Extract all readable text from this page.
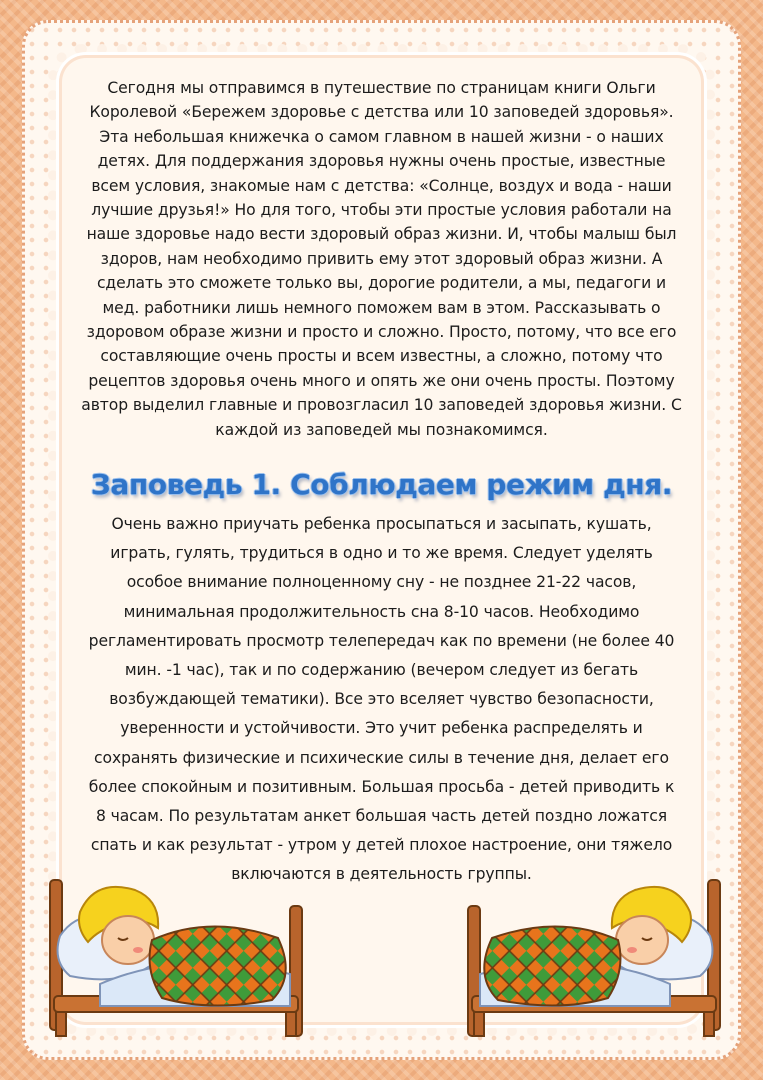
Сегодня мы отправимся в путешествие по страницам книги Ольги Королевой «Бережем здоровье с детства или 10 заповедей здоровья». Эта небольшая книжечка о самом главном в нашей жизни - о наших детях. Для поддержания здоровья нужны очень простые, известные всем условия, знакомые нам с детства: «Солнце, воздух и вода - наши лучшие друзья!» Но для того, чтобы эти простые условия работали на наше здоровье надо вести здоровый образ жизни. И, чтобы малыш был здоров, нам необходимо привить ему этот здоровый образ жизни. А сделать это сможете только вы, дорогие родители, а мы, педагоги и мед. работники лишь немного поможем вам в этом. Рассказывать о здоровом образе жизни и просто и сложно. Просто, потому, что все его составляющие очень просты и всем известны, а сложно, потому что рецептов здоровья очень много и опять же они очень просты. Поэтому автор выделил главные и провозгласил 10 заповедей здоровья жизни. С каждой из заповедей мы познакомимся.

Заповедь 1. Соблюдаем режим дня.

Очень важно приучать ребенка просыпаться и засыпать, кушать, играть, гулять, трудиться в одно и то же время. Следует уделять особое внимание полноценному сну - не позднее 21-22 часов, минимальная продолжительность сна 8-10 часов. Необходимо регламентировать просмотр телепередач как по времени (не более 40 мин. -1 час), так и по содержанию (вечером следует из бегать возбуждающей тематики). Все это вселяет чувство безопасности, уверенности и устойчивости. Это учит ребенка распределять и сохранять физические и психические силы в течение дня, делает его более спокойным и позитивным. Большая просьба - детей приводить к 8 часам. По результатам анкет большая часть детей поздно ложатся спать и как результат - утром у детей плохое настроение, они тяжело включаются в деятельность группы.
